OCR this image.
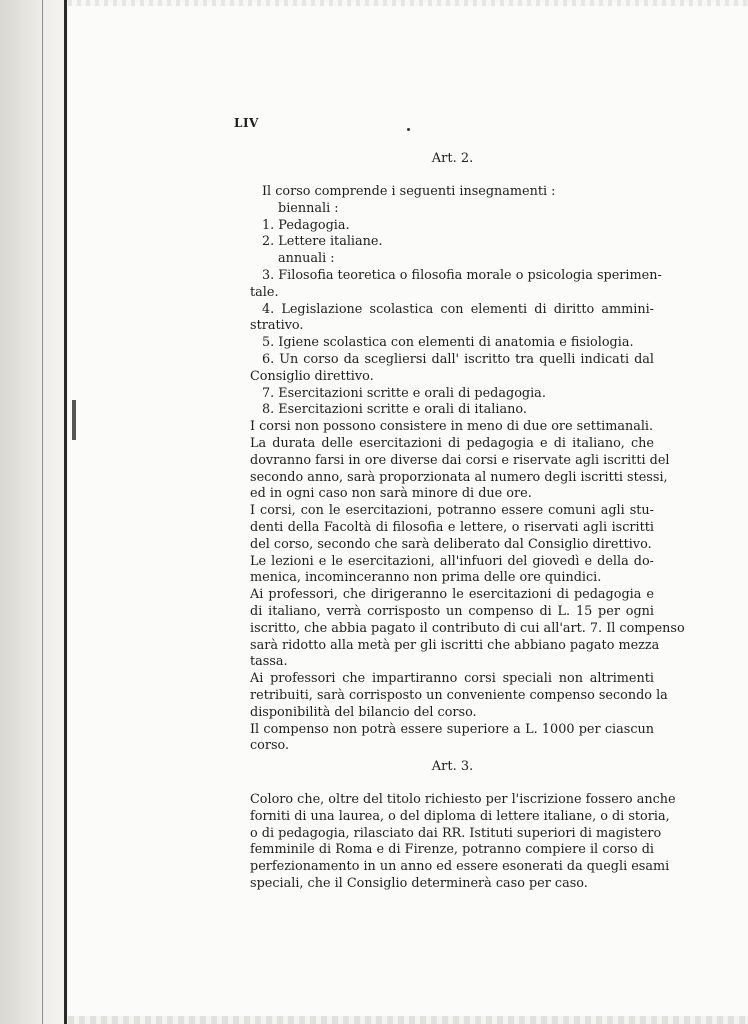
LIV
Art. 2.
Il corso comprende i seguenti insegnamenti :
biennali :
1. Pedagogia.
2. Lettere italiane.
annuali :
3. Filosofia teoretica o filosofia morale o psicologia sperimen-
tale.
4. Legislazione scolastica con elementi di diritto ammini-
strativo.
5. Igiene scolastica con elementi di anatomia e fisiologia.
6. Un corso da scegliersi dall' iscritto tra quelli indicati dal
Consiglio direttivo.
7. Esercitazioni scritte e orali di pedagogia.
8. Esercitazioni scritte e orali di italiano.
I corsi non possono consistere in meno di due ore settimanali.
La durata delle esercitazioni di pedagogia e di italiano, che
dovranno farsi in ore diverse dai corsi e riservate agli iscritti del
secondo anno, sarà proporzionata al numero degli iscritti stessi,
ed in ogni caso non sarà minore di due ore.
I corsi, con le esercitazioni, potranno essere comuni agli stu-
denti della Facoltà di filosofia e lettere, o riservati agli iscritti
del corso, secondo che sarà deliberato dal Consiglio direttivo.
Le lezioni e le esercitazioni, all'infuori del giovedì e della do-
menica, incominceranno non prima delle ore quindici.
Ai professori, che dirigeranno le esercitazioni di pedagogia e
di italiano, verrà corrisposto un compenso di L. 15 per ogni
iscritto, che abbia pagato il contributo di cui all'art. 7. Il compenso
sarà ridotto alla metà per gli iscritti che abbiano pagato mezza
tassa.
Ai professori che impartiranno corsi speciali non altrimenti
retribuiti, sarà corrisposto un conveniente compenso secondo la
disponibilità del bilancio del corso.
Il compenso non potrà essere superiore a L. 1000 per ciascun
corso.
Art. 3.
Coloro che, oltre del titolo richiesto per l'iscrizione fossero anche
forniti di una laurea, o del diploma di lettere italiane, o di storia,
o di pedagogia, rilasciato dai RR. Istituti superiori di magistero
femminile di Roma e di Firenze, potranno compiere il corso di
perfezionamento in un anno ed essere esonerati da quegli esami
speciali, che il Consiglio determinerà caso per caso.
